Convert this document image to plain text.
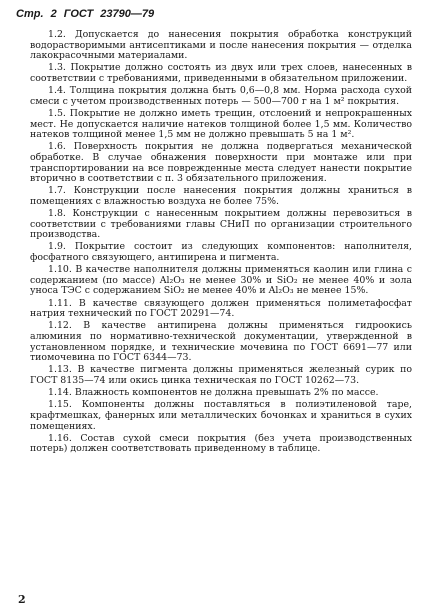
Стр. 2 ГОСТ 23790—79

1.2. Допускается до нанесения покрытия обработка конструкций водорастворимыми антисептиками и после нанесения покрытия — отделка лакокрасочными материалами.

1.3. Покрытие должно состоять из двух или трех слоев, нанесенных в соответствии с требованиями, приведенными в обязательном приложении.

1.4. Толщина покрытия должна быть 0,6—0,8 мм. Норма расхода сухой смеси с учетом производственных потерь — 500—700 г на 1 м² покрытия.

1.5. Покрытие не должно иметь трещин, отслоений и непрокрашенных мест. Не допускается наличие натеков толщиной более 1,5 мм. Количество натеков толщиной менее 1,5 мм не должно превышать 5 на 1 м².

1.6. Поверхность покрытия не должна подвергаться механической обработке. В случае обнажения поверхности при монтаже или при транспортировании на все поврежденные места следует нанести покрытие вторично в соответствии с п. 3 обязательного приложения.

1.7. Конструкции после нанесения покрытия должны храниться в помещениях с влажностью воздуха не более 75%.

1.8. Конструкции с нанесенным покрытием должны перевозиться в соответствии с требованиями главы СНиП по организации строительного производства.

1.9. Покрытие состоит из следующих компонентов: наполнителя, фосфатного связующего, антипирена и пигмента.

1.10. В качестве наполнителя должны применяться каолин или глина с содержанием (по массе) Al₂O₃ не менее 30% и SiO₂ не менее 40% и зола уноса ТЭС с содержанием SiO₂ не менее 40% и Al₂O₃ не менее 15%.

1.11. В качестве связующего должен применяться полиметафосфат натрия технический по ГОСТ 20291—74.

1.12. В качестве антипирена должны применяться гидроокись алюминия по нормативно-технической документации, утвержденной в установленном порядке, и технические мочевина по ГОСТ 6691—77 или тиомочевина по ГОСТ 6344—73.

1.13. В качестве пигмента должны применяться железный сурик по ГОСТ 8135—74 или окись цинка техническая по ГОСТ 10262—73.

1.14. Влажность компонентов не должна превышать 2% по массе.

1.15. Компоненты должны поставляться в полиэтиленовой таре, крафтмешках, фанерных или металлических бочонках и храниться в сухих помещениях.

1.16. Состав сухой смеси покрытия (без учета производственных потерь) должен соответствовать приведенному в таблице.

2
